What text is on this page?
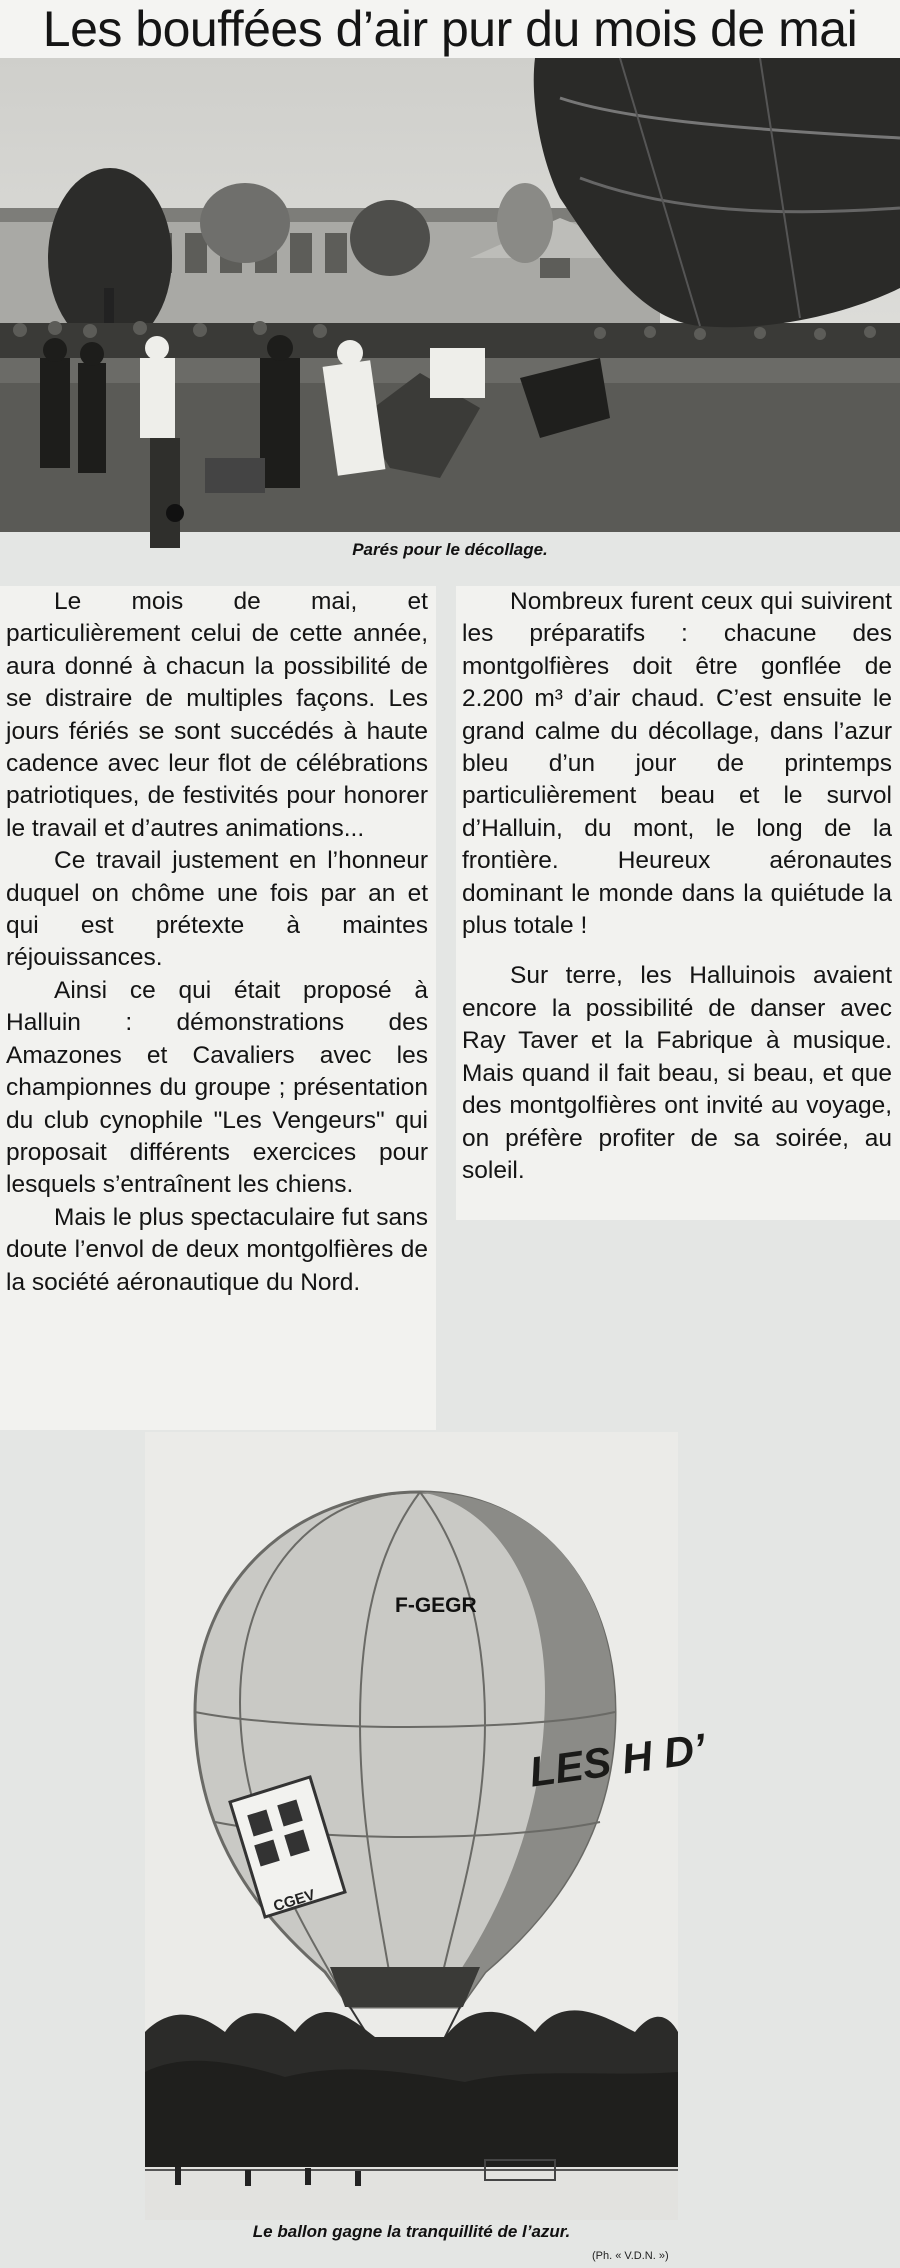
Les bouffées d’air pur du mois de mai
Parés pour le décollage.

Le mois de mai, et particulièrement celui de cette année, aura donné à chacun la possibilité de se distraire de multiples façons. Les jours fériés se sont succédés à haute cadence avec leur flot de célébrations patriotiques, de festivités pour honorer le travail et d’autres animations...

Ce travail justement en l’honneur duquel on chôme une fois par an et qui est prétexte à maintes réjouissances.

Ainsi ce qui était proposé à Halluin : démonstrations des Amazones et Cavaliers avec les championnes du groupe ; présentation du club cynophile "Les Vengeurs" qui proposait différents exercices pour lesquels s’entraînent les chiens.

Mais le plus spectaculaire fut sans doute l’envol de deux montgolfières de la société aéronautique du Nord.

Nombreux furent ceux qui suivirent les préparatifs : chacune des montgolfières doit être gonflée de 2.200 m³ d’air chaud. C’est ensuite le grand calme du décollage, dans l’azur bleu d’un jour de printemps particulièrement beau et le survol d’Halluin, du mont, le long de la frontière. Heureux aéronautes dominant le monde dans la quiétude la plus totale !

Sur terre, les Halluinois avaient encore la possibilité de danser avec Ray Taver et la Fabrique à musique. Mais quand il fait beau, si beau, et que des montgolfières ont invité au voyage, on préfère profiter de sa soirée, au soleil.

CGEV
F-GEGR
LES H D’
Le ballon gagne la tranquillité de l’azur.
(Ph. « V.D.N. »)
